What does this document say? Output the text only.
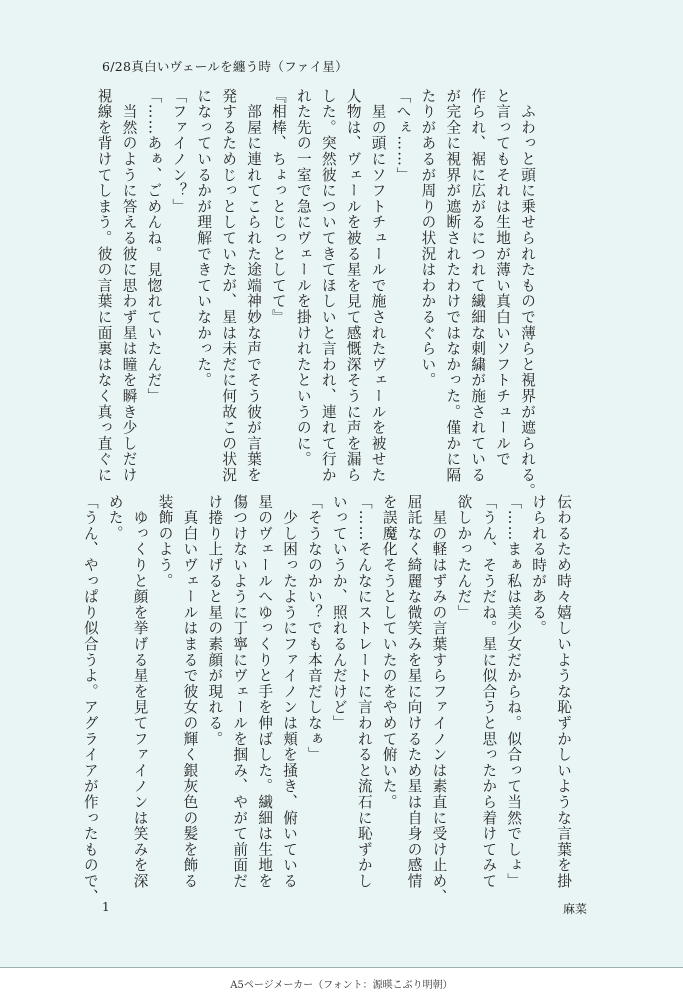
6/28真白いヴェールを纏う時（ファイ星）
　ふわっと頭に乗せられたもので薄らと視界が遮られる。
と言ってもそれは生地が薄い真白いソフトチュールで
作られ、裾に広がるにつれて繊細な刺繍が施されている
が完全に視界が遮断されたわけではなかった。僅かに隔
たりがあるが周りの状況はわかるぐらい。
「へぇ……」
　星の頭にソフトチュールで施されたヴェールを被せた
人物は、ヴェールを被る星を見て感慨深そうに声を漏ら
した。突然彼についてきてほしいと言われ、連れて行か
れた先の一室で急にヴェールを掛けれたというのに。
『相棒、ちょっとじっとしてて』
　部屋に連れてこられた途端神妙な声でそう彼が言葉を
発するためじっとしていたが、星は未だに何故この状況
になっているかが理解できていなかった。
「ファイノン？」
「……あぁ、ごめんね。見惚れていたんだ」
　当然のように答える彼に思わず星は瞳を瞬き少しだけ
視線を背けてしまう。彼の言葉に面裏はなく真っ直ぐに
伝わるため時々嬉しいような恥ずかしいような言葉を掛
けられる時がある。
「……まぁ私は美少女だからね。似合って当然でしょ」
「うん、そうだね。星に似合うと思ったから着けてみて
欲しかったんだ」
　星の軽はずみの言葉すらファイノンは素直に受け止め、
屈託なく綺麗な微笑みを星に向けるため星は自身の感情
を誤魔化そうとしていたのをやめて俯いた。
「……そんなにストレートに言われると流石に恥ずかし
いっていうか、照れるんだけど」
「そうなのかい？でも本音だしなぁ」
　少し困ったようにファイノンは頬を掻き、俯いている
星のヴェールへゆっくりと手を伸ばした。繊細は生地を
傷つけないように丁寧にヴェールを掴み、やがて前面だ
け捲り上げると星の素顔が現れる。
　真白いヴェールはまるで彼女の輝く銀灰色の髪を飾る
装飾のよう。
　ゆっくりと顔を挙げる星を見てファイノンは笑みを深
めた。
「うん、やっぱり似合うよ。アグライアが作ったもので、
1	麻菜
A5ページメーカー（フォント：源暎こぶり明朝）
